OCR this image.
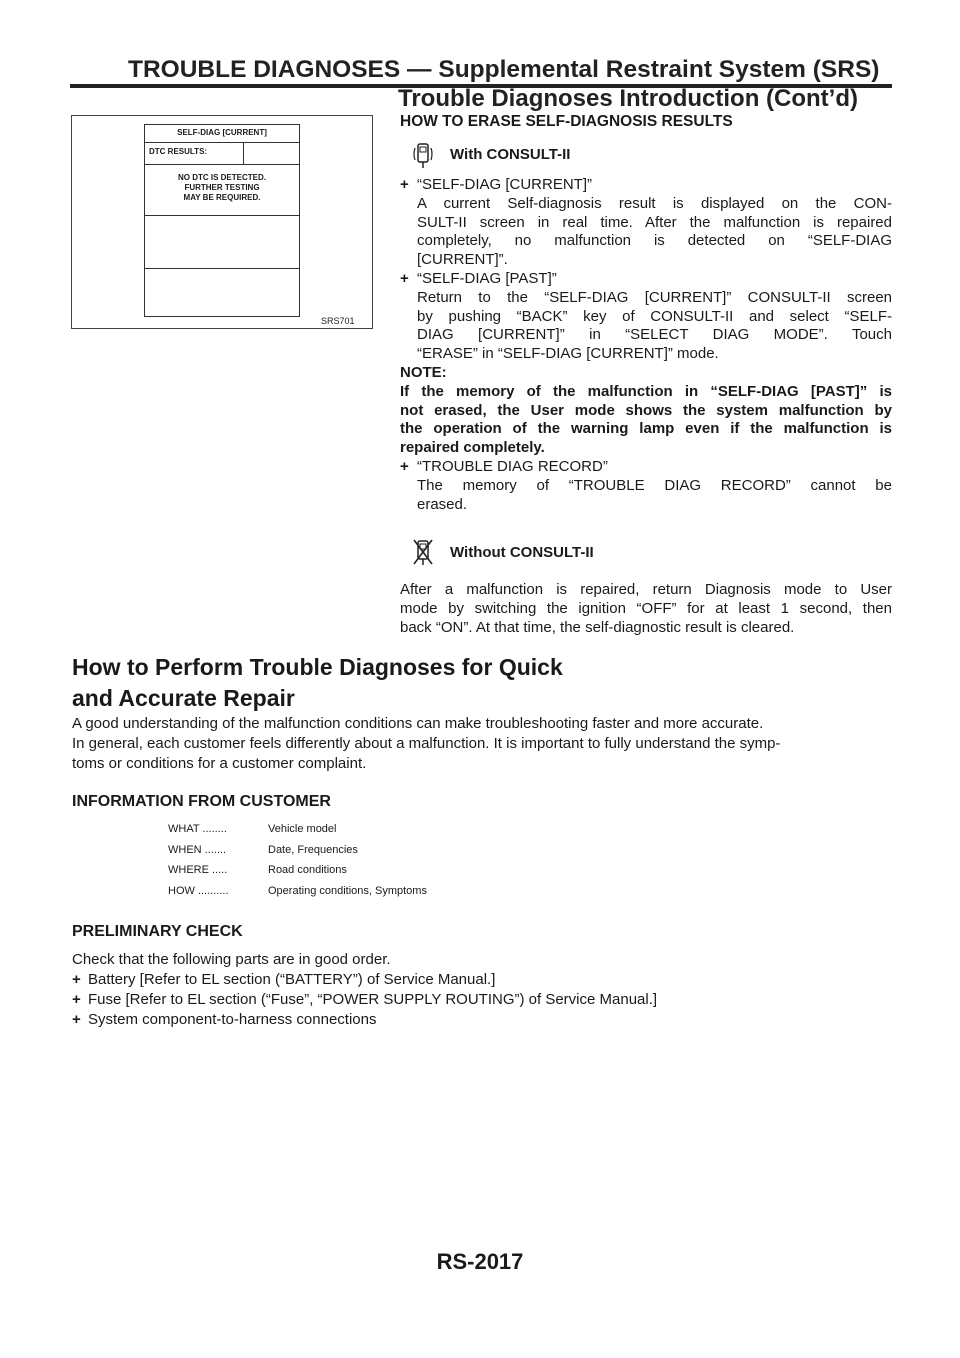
TROUBLE DIAGNOSES — Supplemental Restraint System (SRS)
Trouble Diagnoses Introduction (Cont’d)
SELF-DIAG [CURRENT]
DTC RESULTS:
NO DTC IS DETECTED.
FURTHER TESTING
MAY BE REQUIRED.
SRS701
HOW TO ERASE SELF-DIAGNOSIS RESULTS
With CONSULT-II
+ “SELF-DIAG [CURRENT]”
A current Self-diagnosis result is displayed on the CON-
SULT-II screen in real time. After the malfunction is repaired
completely, no malfunction is detected on “SELF-DIAG
[CURRENT]”.
+ “SELF-DIAG [PAST]”
Return to the “SELF-DIAG [CURRENT]” CONSULT-II screen
by pushing “BACK” key of CONSULT-II and select “SELF-
DIAG [CURRENT]” in “SELECT DIAG MODE”. Touch
“ERASE” in “SELF-DIAG [CURRENT]” mode.
NOTE:
If the memory of the malfunction in “SELF-DIAG [PAST]” is
not erased, the User mode shows the system malfunction by
the operation of the warning lamp even if the malfunction is
repaired completely.
+ “TROUBLE DIAG RECORD”
The memory of “TROUBLE DIAG RECORD” cannot be
erased.
Without CONSULT-II
After a malfunction is repaired, return Diagnosis mode to User
mode by switching the ignition “OFF” for at least 1 second, then
back “ON”. At that time, the self-diagnostic result is cleared.
How to Perform Trouble Diagnoses for Quick
and Accurate Repair
A good understanding of the malfunction conditions can make troubleshooting faster and more accurate.
In general, each customer feels differently about a malfunction. It is important to fully understand the symp-
toms or conditions for a customer complaint.
INFORMATION FROM CUSTOMER
WHAT ........	Vehicle model
WHEN .......	Date, Frequencies
WHERE .....	Road conditions
HOW ..........	Operating conditions, Symptoms
PRELIMINARY CHECK
Check that the following parts are in good order.
+ Battery [Refer to EL section (“BATTERY”) of Service Manual.]
+ Fuse [Refer to EL section (“Fuse”, “POWER SUPPLY ROUTING”) of Service Manual.]
+ System component-to-harness connections
RS-2017
